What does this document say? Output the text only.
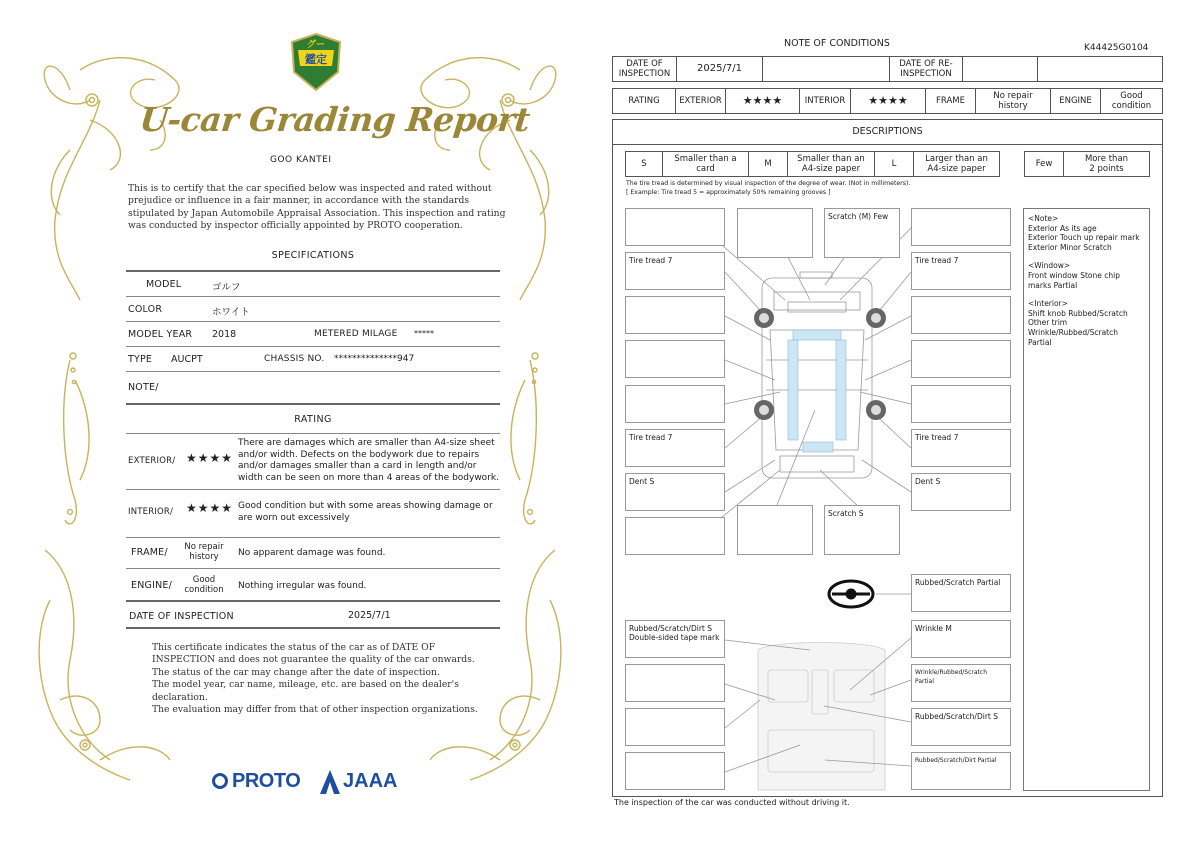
鑑定
グー
U-car Grading Report
GOO KANTEI
This is to certify that the car specified below was inspected and rated without prejudice or influence in a fair manner, in accordance with the standards stipulated by Japan Automobile Appraisal Association. This inspection and rating was conducted by inspector officially appointed by PROTO cooperation.
SPECIFICATIONS
MODEL	ゴルフ
COLOR	ホワイト
MODEL YEAR 2018	METERED MILAGE *****
TYPE AUCPT	CHASSIS NO. **************947
NOTE/
RATING
EXTERIOR/ ★★★★
There are damages which are smaller than A4-size sheet and/or width. Defects on the bodywork due to repairs and/or damages smaller than a card in length and/or width can be seen on more than 4 areas of the bodywork.
INTERIOR/ ★★★★ Good condition but with some areas showing damage or are worn out excessively
FRAME/	No repair history	No apparent damage was found.
ENGINE/	Good condition	Nothing irregular was found.
DATE OF INSPECTION	2025/7/1
This certificate indicates the status of the car as of DATE OF INSPECTION and does not guarantee the quality of the car onwards.
The status of the car may change after the date of inspection.
The model year, car name, mileage, etc. are based on the dealer's declaration.
The evaluation may differ from that of other inspection organizations.
PROTO JAAA
NOTE OF CONDITIONS	K44425G0104
DATE OF INSPECTION	2025/7/1	DATE OF RE-INSPECTION
RATING	EXTERIOR	★★★★	INTERIOR	★★★★	FRAME	No repair history	ENGINE	Good condition
DESCRIPTIONS
S	Smaller than a card	M	Smaller than an A4-size paper	L	Larger than an A4-size paper	Few	More than 2 points
The tire tread is determined by visual inspection of the degree of wear. (Not in millimeters).
[ Example: Tire tread 5 = approximately 50% remaining grooves ]
Tire tread 7
Tire tread 7
Dent S
Scratch (M) Few
Scratch S
Tire tread 7
Tire tread 7
Dent S
Rubbed/Scratch Partial
Rubbed/Scratch/Dirt S
Double-sided tape mark
Wrinkle M
Wrinkle/Rubbed/Scratch Partial
Rubbed/Scratch/Dirt S
Rubbed/Scratch/Dirt Partial
<Note>
Exterior As its age
Exterior Touch up repair mark
Exterior Minor Scratch
<Window>
Front window Stone chip marks Partial
<Interior>
Shift knob Rubbed/Scratch
Other trim
Wrinkle/Rubbed/Scratch
Partial
The inspection of the car was conducted without driving it.
